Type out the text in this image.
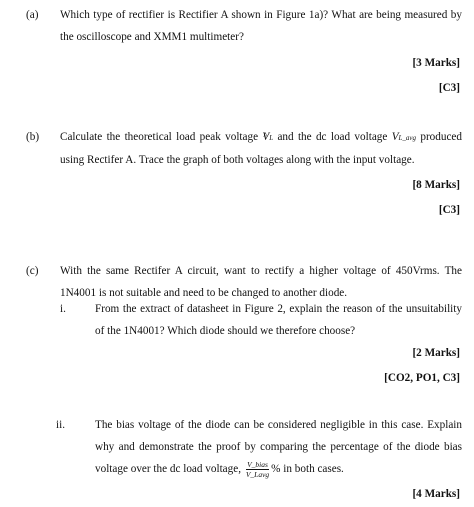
(a) Which type of rectifier is Rectifier A shown in Figure 1a)? What are being measured by the oscilloscope and XMM1 multimeter?
[3 Marks]
[C3]
(b) Calculate the theoretical load peak voltage ^ VL and the dc load voltage VL_avg produced using Rectifer A. Trace the graph of both voltages along with the input voltage.
[8 Marks]
[C3]
(c) With the same Rectifer A circuit, want to rectify a higher voltage of 450Vrms. The 1N4001 is not suitable and need to be changed to another diode.
i.	From the extract of datasheet in Figure 2, explain the reason of the unsuitability of the 1N4001? Which diode should we therefore choose?
[2 Marks]
[CO2, PO1, C3]
ii.	The bias voltage of the diode can be considered negligible in this case. Explain why and demonstrate the proof by comparing the percentage of the diode bias voltage over the dc load voltage, $\frac{\text{V\_bias}}{\text{V\_Lavg}}$ % in both cases.
[4 Marks]
